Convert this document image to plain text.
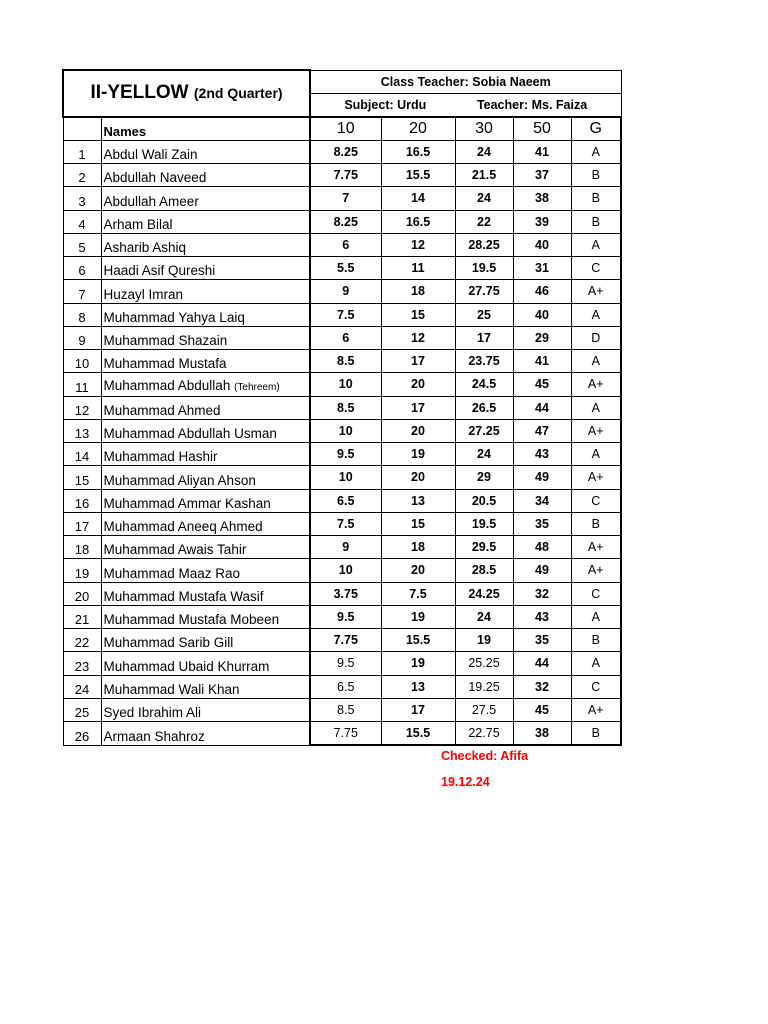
II-YELLOW (2nd Quarter)		Class Teacher: Sobia Naeem				

		Subject: Urdu Teacher: Ms. Faiza				

	Names	10	20	30	50	G
1	Abdul Wali Zain	8.25	16.5	24	41	A
2	Abdullah Naveed	7.75	15.5	21.5	37	B
3	Abdullah Ameer	7	14	24	38	B
4	Arham Bilal	8.25	16.5	22	39	B
5	Asharib Ashiq	6	12	28.25	40	A
6	Haadi Asif Qureshi	5.5	11	19.5	31	C
7	Huzayl Imran	9	18	27.75	46	A+
8	Muhammad Yahya Laiq	7.5	15	25	40	A
9	Muhammad Shazain	6	12	17	29	D
10	Muhammad Mustafa	8.5	17	23.75	41	A
11	Muhammad Abdullah (Tehreem)	10	20	24.5	45	A+
12	Muhammad Ahmed	8.5	17	26.5	44	A
13	Muhammad Abdullah Usman	10	20	27.25	47	A+
14	Muhammad Hashir	9.5	19	24	43	A
15	Muhammad Aliyan Ahson	10	20	29	49	A+
16	Muhammad Ammar Kashan	6.5	13	20.5	34	C
17	Muhammad Aneeq Ahmed	7.5	15	19.5	35	B
18	Muhammad Awais Tahir	9	18	29.5	48	A+
19	Muhammad Maaz Rao	10	20	28.5	49	A+
20	Muhammad Mustafa Wasif	3.75	7.5	24.25	32	C
21	Muhammad Mustafa Mobeen	9.5	19	24	43	A
22	Muhammad Sarib Gill	7.75	15.5	19	35	B
23	Muhammad Ubaid Khurram	9.5	19	25.25	44	A
24	Muhammad Wali Khan	6.5	13	19.25	32	C
25	Syed Ibrahim Ali	8.5	17	27.5	45	A+
26	Armaan Shahroz	7.75	15.5	22.75	38	B
Checked: Afifa
19.12.24
